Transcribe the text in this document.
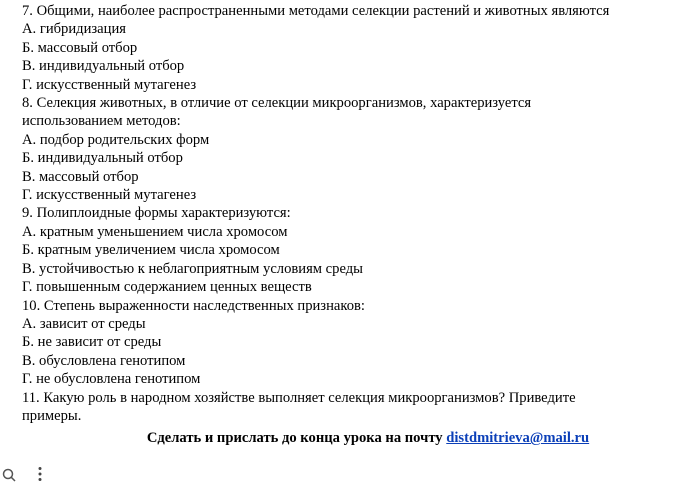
7. Общими, наиболее распространенными методами селекции растений и животных являются
А. гибридизация
Б. массовый отбор
В. индивидуальный отбор
Г. искусственный мутагенез
8. Селекция животных, в отличие от селекции микроорганизмов, характеризуется
использованием методов:
А. подбор родительских форм
Б. индивидуальный отбор
В. массовый отбор
Г. искусственный мутагенез
9. Полиплоидные формы характеризуются:
А. кратным уменьшением числа хромосом
Б. кратным увеличением числа хромосом
В. устойчивостью к неблагоприятным условиям среды
Г. повышенным содержанием ценных веществ
10. Степень выраженности наследственных признаков:
А. зависит от среды
Б. не зависит от среды
В. обусловлена генотипом
Г. не обусловлена генотипом
11. Какую роль в народном хозяйстве выполняет селекция микроорганизмов? Приведите
примеры.
Сделать и прислать до конца урока на почту distdmitrieva@mail.ru
